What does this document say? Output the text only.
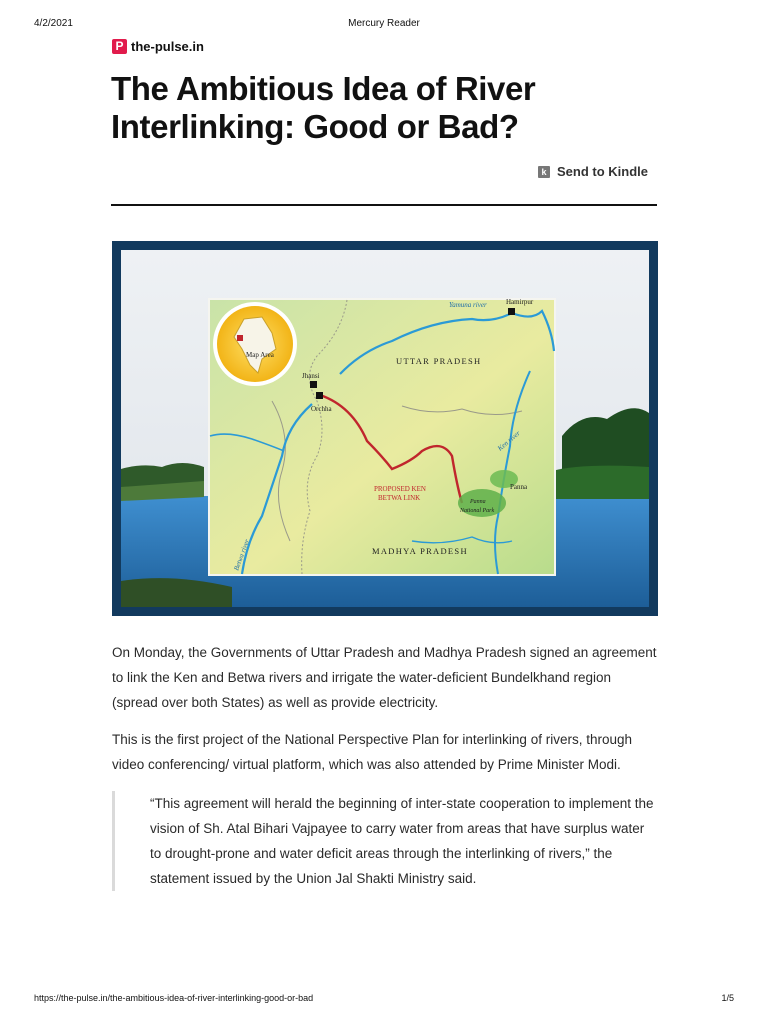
4/2/2021	Mercury Reader
P the-pulse.in
The Ambitious Idea of River Interlinking: Good or Bad?
k Send to Kindle
Map Area
Yamuna river	Hamirpur
UTTAR PRADESH
Jhansi
Orchha
Ken river
PROPOSED KEN
BETWA LINK
Panna
Panna
National Park
MADHYA PRADESH
Betwa river

On Monday, the Governments of Uttar Pradesh and Madhya Pradesh signed an agreement to link the Ken and Betwa rivers and irrigate the water-deficient Bundelkhand region (spread over both States) as well as provide electricity.

This is the first project of the National Perspective Plan for interlinking of rivers, through video conferencing/ virtual platform, which was also attended by Prime Minister Modi.

“This agreement will herald the beginning of inter-state cooperation to implement the vision of Sh. Atal Bihari Vajpayee to carry water from areas that have surplus water to drought-prone and water deficit areas through the interlinking of rivers,” the statement issued by the Union Jal Shakti Ministry said.

https://the-pulse.in/the-ambitious-idea-of-river-interlinking-good-or-bad	1/5
